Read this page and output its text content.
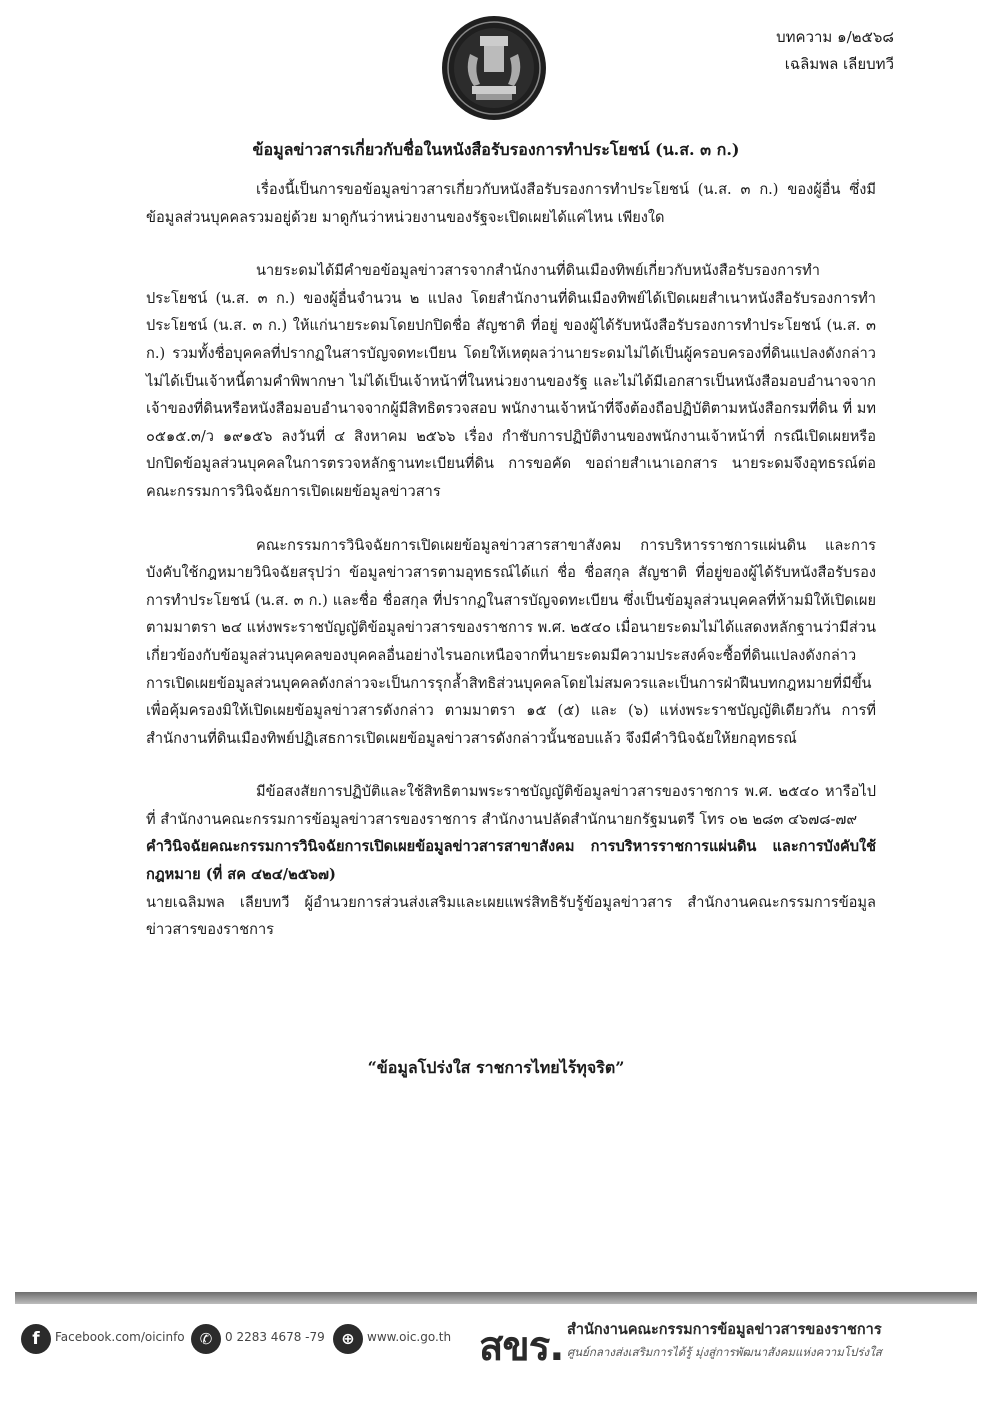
บทความ ๑/๒๕๖๘
เฉลิมพล เลียบทวี
ข้อมูลข่าวสารเกี่ยวกับชื่อในหนังสือรับรองการทำประโยชน์ (น.ส. ๓ ก.)

เรื่องนี้เป็นการขอข้อมูลข่าวสารเกี่ยวกับหนังสือรับรองการทำประโยชน์ (น.ส. ๓ ก.) ของผู้อื่น ซึ่งมีข้อมูลส่วนบุคคลรวมอยู่ด้วย มาดูกันว่าหน่วยงานของรัฐจะเปิดเผยได้แค่ไหน เพียงใด

นายระดมได้มีคำขอข้อมูลข่าวสารจากสำนักงานที่ดินเมืองทิพย์เกี่ยวกับหนังสือรับรองการทำประโยชน์ (น.ส. ๓ ก.) ของผู้อื่นจำนวน ๒ แปลง โดยสำนักงานที่ดินเมืองทิพย์ได้เปิดเผยสำเนาหนังสือรับรองการทำประโยชน์ (น.ส. ๓ ก.) ให้แก่นายระดมโดยปกปิดชื่อ สัญชาติ ที่อยู่ ของผู้ได้รับหนังสือรับรองการทำประโยชน์ (น.ส. ๓ ก.) รวมทั้งชื่อบุคคลที่ปรากฏในสารบัญจดทะเบียน โดยให้เหตุผลว่านายระดมไม่ได้เป็นผู้ครอบครองที่ดินแปลงดังกล่าว ไม่ได้เป็นเจ้าหนี้ตามคำพิพากษา ไม่ได้เป็นเจ้าหน้าที่ในหน่วยงานของรัฐ และไม่ได้มีเอกสารเป็นหนังสือมอบอำนาจจากเจ้าของที่ดินหรือหนังสือมอบอำนาจจากผู้มีสิทธิตรวจสอบ พนักงานเจ้าหน้าที่จึงต้องถือปฏิบัติตามหนังสือกรมที่ดิน ที่ มท ๐๕๑๕.๓/ว ๑๙๑๕๖ ลงวันที่ ๔ สิงหาคม ๒๕๖๖ เรื่อง กำชับการปฏิบัติงานของพนักงานเจ้าหน้าที่ กรณีเปิดเผยหรือปกปิดข้อมูลส่วนบุคคลในการตรวจหลักฐานทะเบียนที่ดิน การขอคัด ขอถ่ายสำเนาเอกสาร นายระดมจึงอุทธรณ์ต่อคณะกรรมการวินิจฉัยการเปิดเผยข้อมูลข่าวสาร

คณะกรรมการวินิจฉัยการเปิดเผยข้อมูลข่าวสารสาขาสังคม การบริหารราชการแผ่นดิน และการบังคับใช้กฎหมายวินิจฉัยสรุปว่า ข้อมูลข่าวสารตามอุทธรณ์ได้แก่ ชื่อ ชื่อสกุล สัญชาติ ที่อยู่ของผู้ได้รับหนังสือรับรองการทำประโยชน์ (น.ส. ๓ ก.) และชื่อ ชื่อสกุล ที่ปรากฏในสารบัญจดทะเบียน ซึ่งเป็นข้อมูลส่วนบุคคลที่ห้ามมิให้เปิดเผยตามมาตรา ๒๔ แห่งพระราชบัญญัติข้อมูลข่าวสารของราชการ พ.ศ. ๒๕๔๐ เมื่อนายระดมไม่ได้แสดงหลักฐานว่ามีส่วนเกี่ยวข้องกับข้อมูลส่วนบุคคลของบุคคลอื่นอย่างไรนอกเหนือจากที่นายระดมมีความประสงค์จะซื้อที่ดินแปลงดังกล่าว การเปิดเผยข้อมูลส่วนบุคคลดังกล่าวจะเป็นการรุกล้ำสิทธิส่วนบุคคลโดยไม่สมควรและเป็นการฝ่าฝืนบทกฎหมายที่มีขึ้นเพื่อคุ้มครองมิให้เปิดเผยข้อมูลข่าวสารดังกล่าว ตามมาตรา ๑๕ (๕) และ (๖) แห่งพระราชบัญญัติเดียวกัน การที่สำนักงานที่ดินเมืองทิพย์ปฏิเสธการเปิดเผยข้อมูลข่าวสารดังกล่าวนั้นชอบแล้ว จึงมีคำวินิจฉัยให้ยกอุทธรณ์

มีข้อสงสัยการปฏิบัติและใช้สิทธิตามพระราชบัญญัติข้อมูลข่าวสารของราชการ พ.ศ. ๒๕๔๐ หารือไปที่ สำนักงานคณะกรรมการข้อมูลข่าวสารของราชการ สำนักงานปลัดสำนักนายกรัฐมนตรี โทร ๐๒ ๒๘๓ ๔๖๗๘-๗๙

คำวินิจฉัยคณะกรรมการวินิจฉัยการเปิดเผยข้อมูลข่าวสารสาขาสังคม การบริหารราชการแผ่นดิน และการบังคับใช้กฎหมาย (ที่ สค ๔๒๔/๒๕๖๗)

นายเฉลิมพล เลียบทวี ผู้อำนวยการส่วนส่งเสริมและเผยแพร่สิทธิรับรู้ข้อมูลข่าวสาร สำนักงานคณะกรรมการข้อมูลข่าวสารของราชการ

“ข้อมูลโปร่งใส ราชการไทยไร้ทุจริต”
f	Facebook.com/oicinfo	✆	0 2283 4678 -79	⊕	www.oic.go.th สขร. สำนักงานคณะกรรมการข้อมูลข่าวสารของราชการ
ศูนย์กลางส่งเสริมการได้รู้ มุ่งสู่การพัฒนาสังคมแห่งความโปร่งใส
